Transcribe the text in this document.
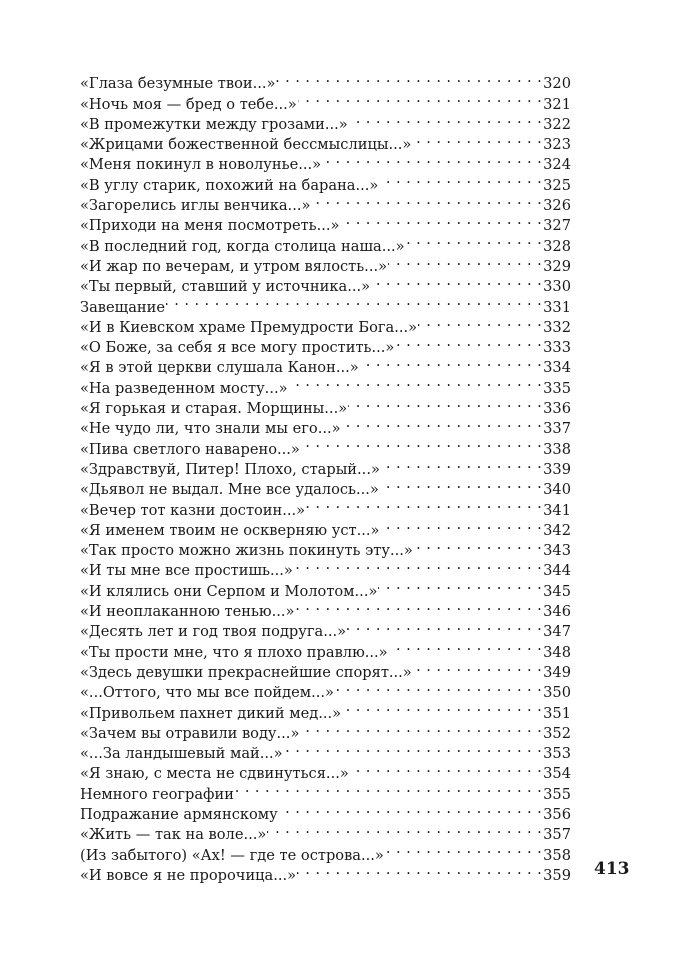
«Глаза безумные твои...» . . .	320
«Ночь моя — бред о тебе...» . . .	321
«В промежутки между грозами...» . . .	322
«Жрицами божественной бессмыслицы...» . . .	323
«Меня покинул в новолунье...» . . .	324
«В углу старик, похожий на барана...» . . .	325
«Загорелись иглы венчика...» . . .	326
«Приходи на меня посмотреть...» . . .	327
«В последний год, когда столица наша...» . . .	328
«И жар по вечерам, и утром вялость...» . . .	329
«Ты первый, ставший у источника...» . . .	330
Завещание . . .	331
«И в Киевском храме Премудрости Бога...» . . .	332
«О Боже, за себя я все могу простить...» . . .	333
«Я в этой церкви слушала Канон...» . . .	334
«На разведенном мосту...» . . .	335
«Я горькая и старая. Морщины...» . . .	336
«Не чудо ли, что знали мы его...» . . .	337
«Пива светлого наварено...» . . .	338
«Здравствуй, Питер! Плохо, старый...» . . .	339
«Дьявол не выдал. Мне все удалось...» . . .	340
«Вечер тот казни достоин...» . . .	341
«Я именем твоим не оскверняю уст...» . . .	342
«Так просто можно жизнь покинуть эту...» . . .	343
«И ты мне все простишь...» . . .	344
«И клялись они Серпом и Молотом...» . . .	345
«И неоплаканною тенью...» . . .	346
«Десять лет и год твоя подруга...» . . .	347
«Ты прости мне, что я плохо правлю...» . . .	348
«Здесь девушки прекраснейшие спорят...» . . .	349
«...Оттого, что мы все пойдем...» . . .	350
«Привольем пахнет дикий мед...» . . .	351
«Зачем вы отравили воду...» . . .	352
«...За ландышевый май...» . . .	353
«Я знаю, с места не сдвинуться...» . . .	354
Немного географии . . .	355
Подражание армянскому . . .	356
«Жить — так на воле...» . . .	357
(Из забытого) «Ах! — где те острова...» . . .	358
«И вовсе я не пророчица...» . . .	359 413
